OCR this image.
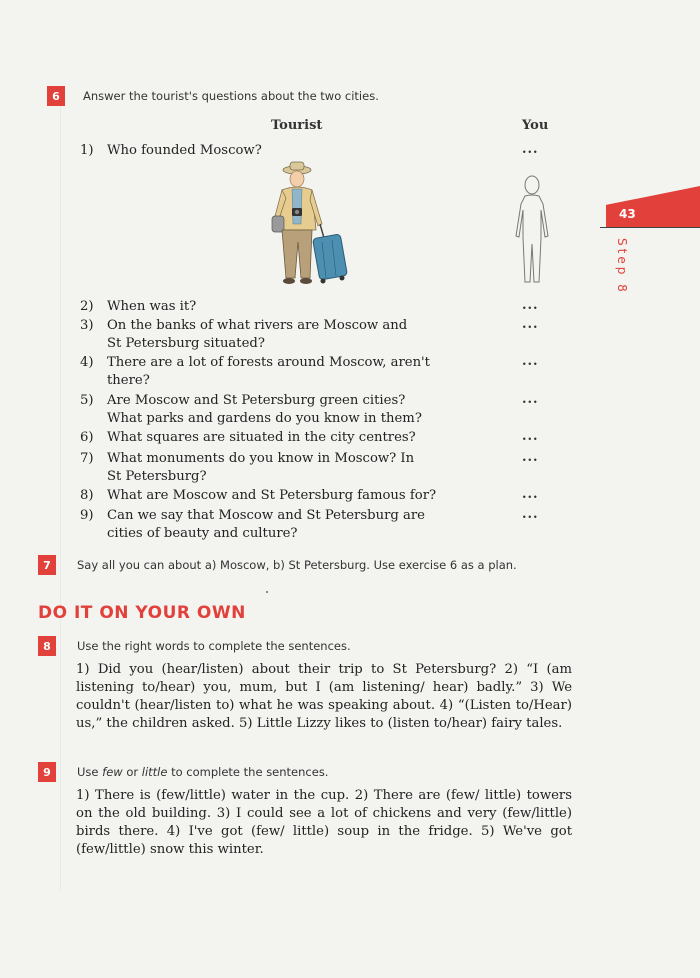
43
Step 8
6	Answer the tourist's questions about the two cities.
Tourist	You
1) Who founded Moscow?	...
2) When was it?	...
3) On the banks of what rivers are Moscow and
St Petersburg situated?
...
4) There are a lot of forests around Moscow, aren't
there?
...
5) Are Moscow and St Petersburg green cities?
What parks and gardens do you know in them?
...
6) What squares are situated in the city centres?	...
7) What monuments do you know in Moscow? In
St Petersburg?
...
8) What are Moscow and St Petersburg famous for?	...
9) Can we say that Moscow and St Petersburg are
cities of beauty and culture?
...
7	Say all you can about a) Moscow, b) St Petersburg. Use exercise 6 as a plan.
DO IT ON YOUR OWN
8	Use the right words to complete the sentences.
1) Did you (hear/listen) about their trip to St Petersburg? 2) “I (am listening to/hear) you, mum, but I (am listening/ hear) badly.” 3) We couldn't (hear/listen to) what he was speaking about. 4) “(Listen to/Hear) us,” the children asked. 5) Little Lizzy likes to (listen to/hear) fairy tales.
9	Use few or little to complete the sentences.
1) There is (few/little) water in the cup. 2) There are (few/ little) towers on the old building. 3) I could see a lot of chickens and very (few/little) birds there. 4) I've got (few/ little) soup in the fridge. 5) We've got (few/little) snow this winter.
